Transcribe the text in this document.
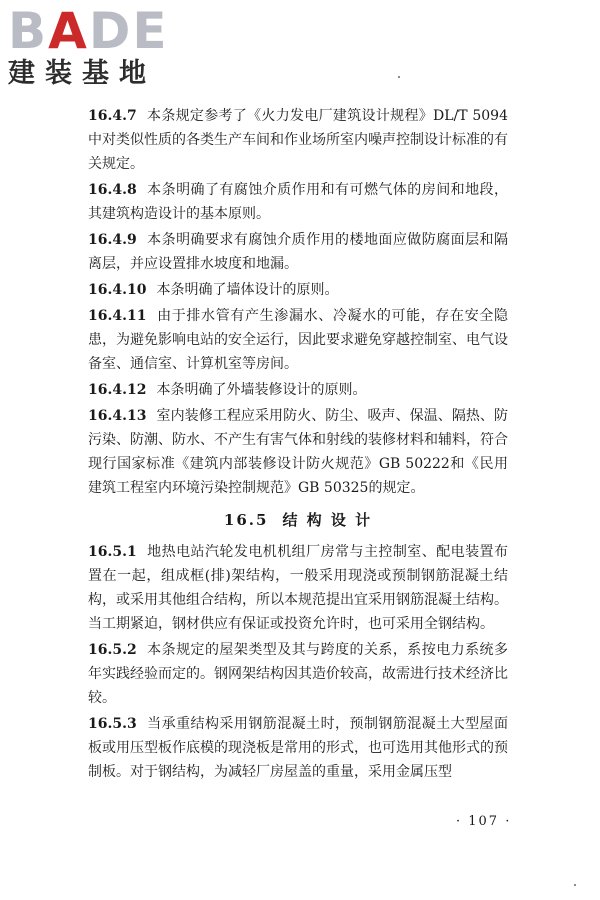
BADE
建装基地

16.4.7 本条规定参考了《火力发电厂建筑设计规程》DL/T 5094中对类似性质的各类生产车间和作业场所室内噪声控制设计标准的有关规定。

16.4.8 本条明确了有腐蚀介质作用和有可燃气体的房间和地段，其建筑构造设计的基本原则。

16.4.9 本条明确要求有腐蚀介质作用的楼地面应做防腐面层和隔离层，并应设置排水坡度和地漏。

16.4.10 本条明确了墙体设计的原则。

16.4.11 由于排水管有产生渗漏水、冷凝水的可能，存在安全隐患，为避免影响电站的安全运行，因此要求避免穿越控制室、电气设备室、通信室、计算机室等房间。

16.4.12 本条明确了外墙装修设计的原则。

16.4.13 室内装修工程应采用防火、防尘、吸声、保温、隔热、防污染、防潮、防水、不产生有害气体和射线的装修材料和辅料，符合现行国家标准《建筑内部装修设计防火规范》GB 50222和《民用建筑工程室内环境污染控制规范》GB 50325的规定。

16.5 结 构 设 计

16.5.1 地热电站汽轮发电机机组厂房常与主控制室、配电装置布置在一起，组成框(排)架结构，一般采用现浇或预制钢筋混凝土结构，或采用其他组合结构，所以本规范提出宜采用钢筋混凝土结构。当工期紧迫，钢材供应有保证或投资允许时，也可采用全钢结构。

16.5.2 本条规定的屋架类型及其与跨度的关系，系按电力系统多年实践经验而定的。钢网架结构因其造价较高，故需进行技术经济比较。

16.5.3 当承重结构采用钢筋混凝土时，预制钢筋混凝土大型屋面板或用压型板作底模的现浇板是常用的形式，也可选用其他形式的预制板。对于钢结构，为减轻厂房屋盖的重量，采用金属压型

· 107 ·
